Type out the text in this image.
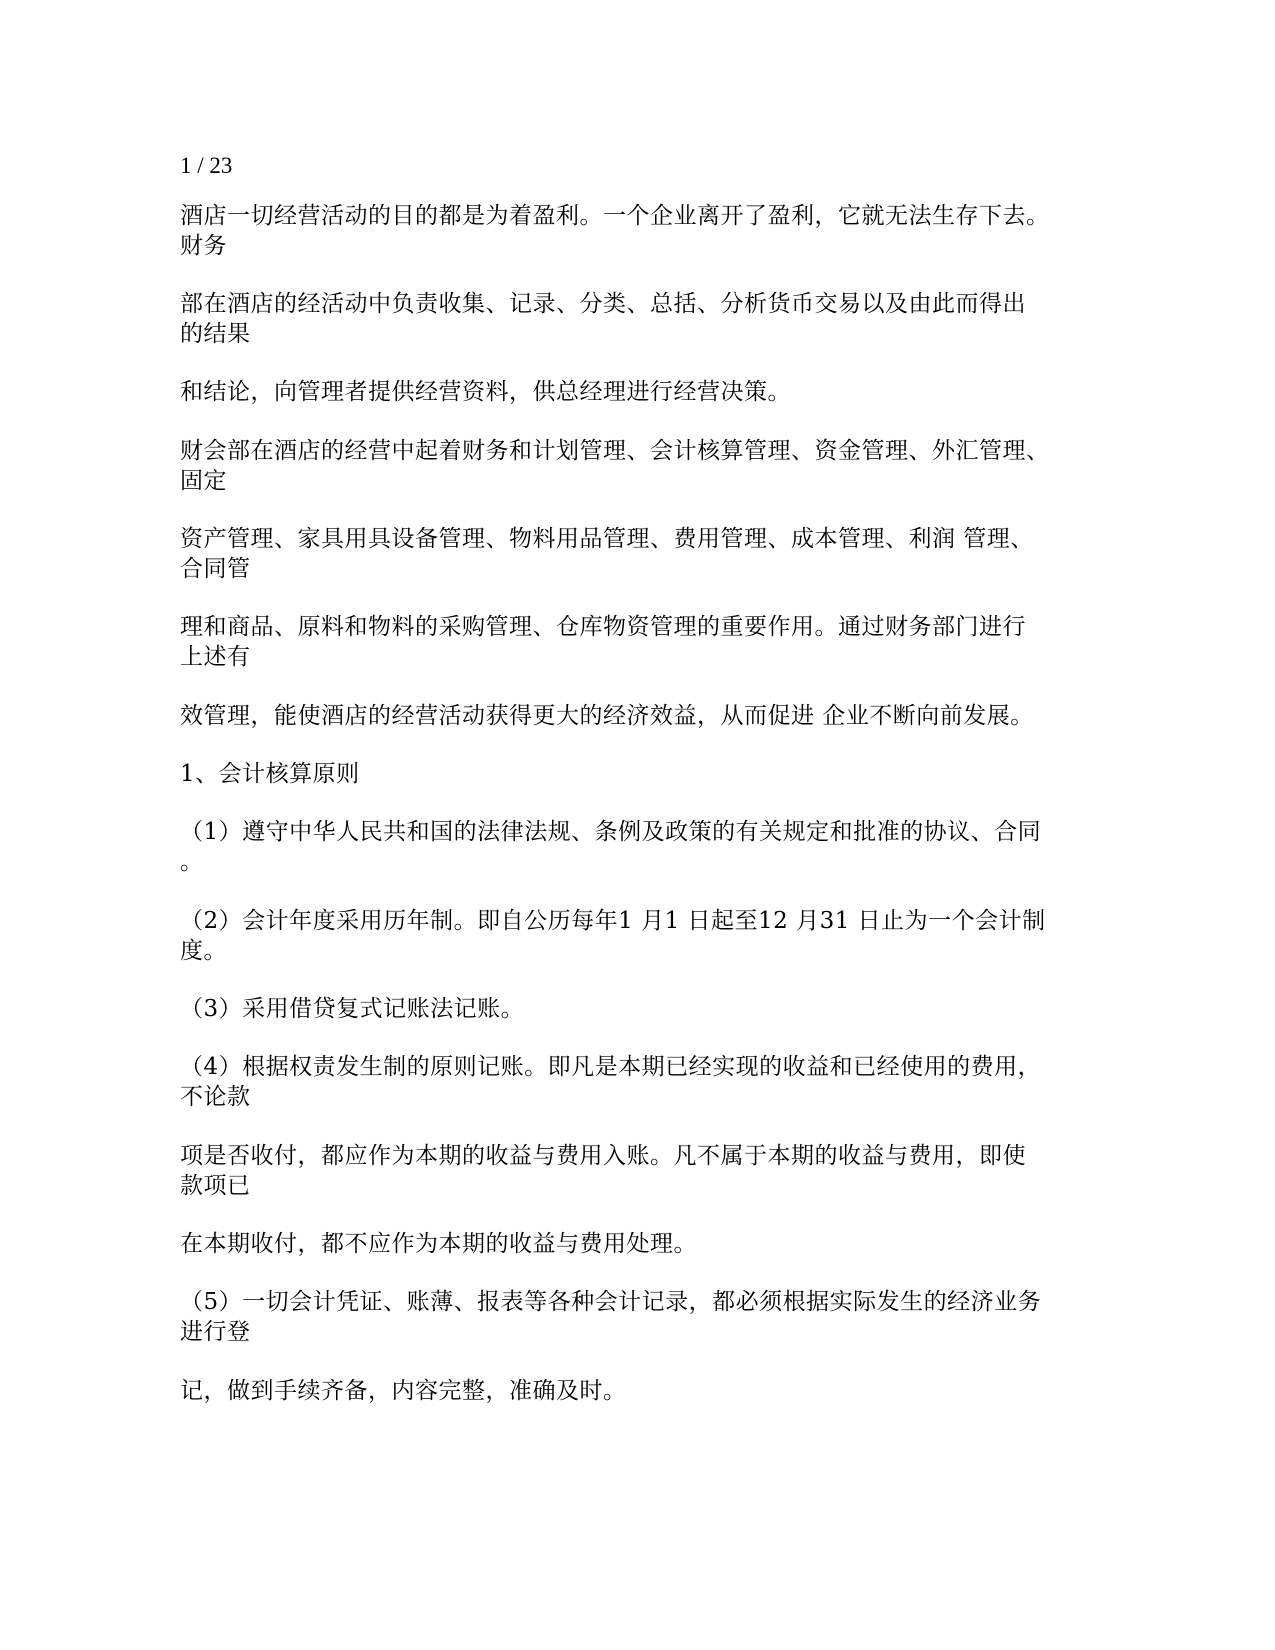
1 / 23
酒店一切经营活动的目的都是为着盈利。一个企业离开了盈利，它就无法生存下去。
财务
部在酒店的经活动中负责收集、记录、分类、总括、分析货币交易以及由此而得出
的结果
和结论，向管理者提供经营资料，供总经理进行经营决策。
财会部在酒店的经营中起着财务和计划管理、会计核算管理、资金管理、外汇管理、
固定
资产管理、家具用具设备管理、物料用品管理、费用管理、成本管理、利润 管理、
合同管
理和商品、原料和物料的采购管理、仓库物资管理的重要作用。通过财务部门进行
上述有
效管理，能使酒店的经营活动获得更大的经济效益，从而促进 企业不断向前发展。
1、会计核算原则
（1）遵守中华人民共和国的法律法规、条例及政策的有关规定和批准的协议、合同
。
（2）会计年度采用历年制。即自公历每年1 月1 日起至12 月31 日止为一个会计制
度。
（3）采用借贷复式记账法记账。
（4）根据权责发生制的原则记账。即凡是本期已经实现的收益和已经使用的费用，
不论款
项是否收付，都应作为本期的收益与费用入账。凡不属于本期的收益与费用，即使
款项已
在本期收付，都不应作为本期的收益与费用处理。
（5）一切会计凭证、账薄、报表等各种会计记录，都必须根据实际发生的经济业务
进行登
记，做到手续齐备，内容完整，准确及时。
